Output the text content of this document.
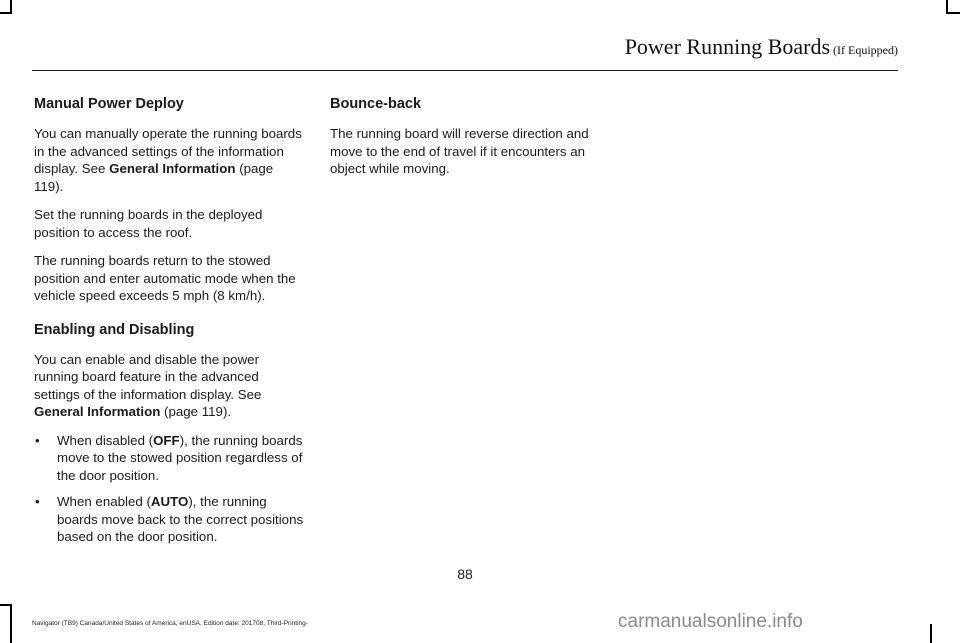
Power Running Boards (If Equipped)
Manual Power Deploy

You can manually operate the running boards in the advanced settings of the information display. See General Information (page 119).

Set the running boards in the deployed position to access the roof.

The running boards return to the stowed position and enter automatic mode when the vehicle speed exceeds 5 mph (8 km/h).

Enabling and Disabling

You can enable and disable the power running board feature in the advanced settings of the information display. See General Information (page 119).

• When disabled (OFF), the running boards move to the stowed position regardless of the door position.
• When enabled (AUTO), the running boards move back to the correct positions based on the door position.
Bounce-back

The running board will reverse direction and move to the end of travel if it encounters an object while moving.

88
Navigator (TB9) Canada/United States of America, enUSA, Edition date: 201708, Third-Printing-	carmanualsonline.info
